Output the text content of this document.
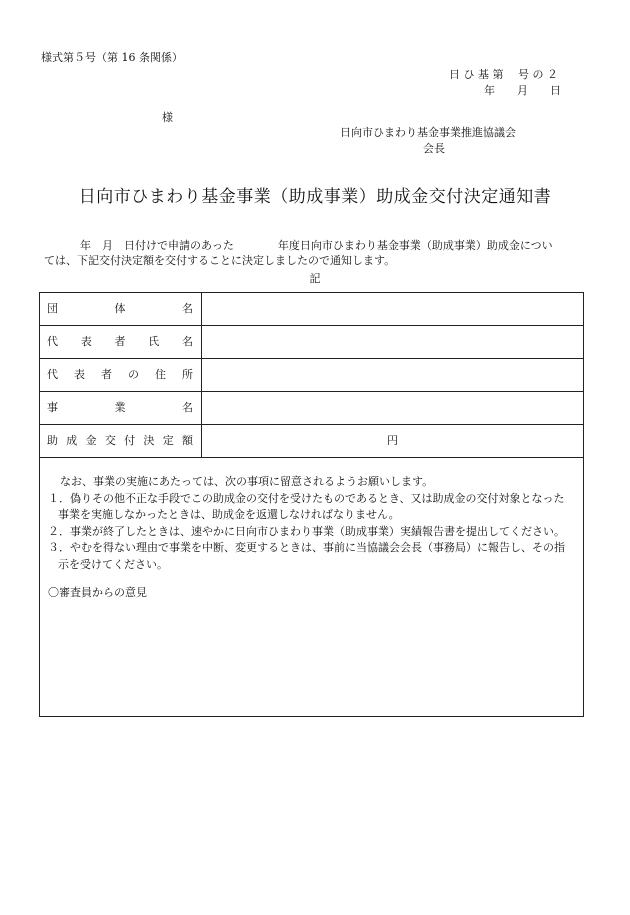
様式第５号（第 16 条関係）
日 ひ 基 第　 号 の ２
年　　月　　日
様
日向市ひまわり基金事業推進協議会
会長
日向市ひまわり基金事業（助成事業）助成金交付決定通知書
年　月　日付けで申請のあった　　　　年度日向市ひまわり基金事業（助成事業）助成金につい
ては、下記交付決定額を交付することに決定しましたので通知します。
記
団	体	名
代 表 者 氏 名
代 表 者 の 住 所
事	業	名
助 成 金 交 付 決 定 額	円

なお、事業の実施にあたっては、次の事項に留意されるようお願いします。

１．偽りその他不正な手段でこの助成金の交付を受けたものであるとき、又は助成金の交付対象となった事業を実施しなかったときは、助成金を返還しなければなりません。

２．事業が終了したときは、速やかに日向市ひまわり事業（助成事業）実績報告書を提出してください。

３．やむを得ない理由で事業を中断、変更するときは、事前に当協議会会長（事務局）に報告し、その指示を受けてください。

〇審査員からの意見
